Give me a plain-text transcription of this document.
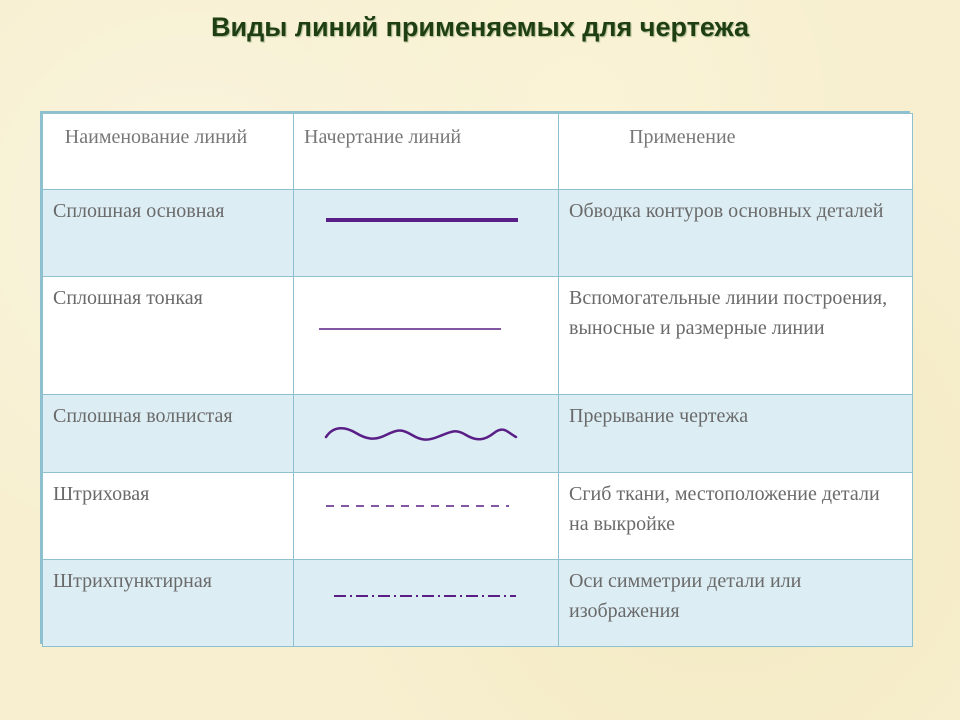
Виды линий применяемых для чертежа
Наименование линий	Начертание линий	Применение
Сплошная основная		Обводка контуров основных деталей
Сплошная тонкая		Вспомогательные линии построения, выносные и размерные линии
Сплошная волнистая		Прерывание чертежа
Штриховая		Сгиб ткани, местоположение детали на выкройке
Штрихпунктирная		Оси симметрии детали или изображения
